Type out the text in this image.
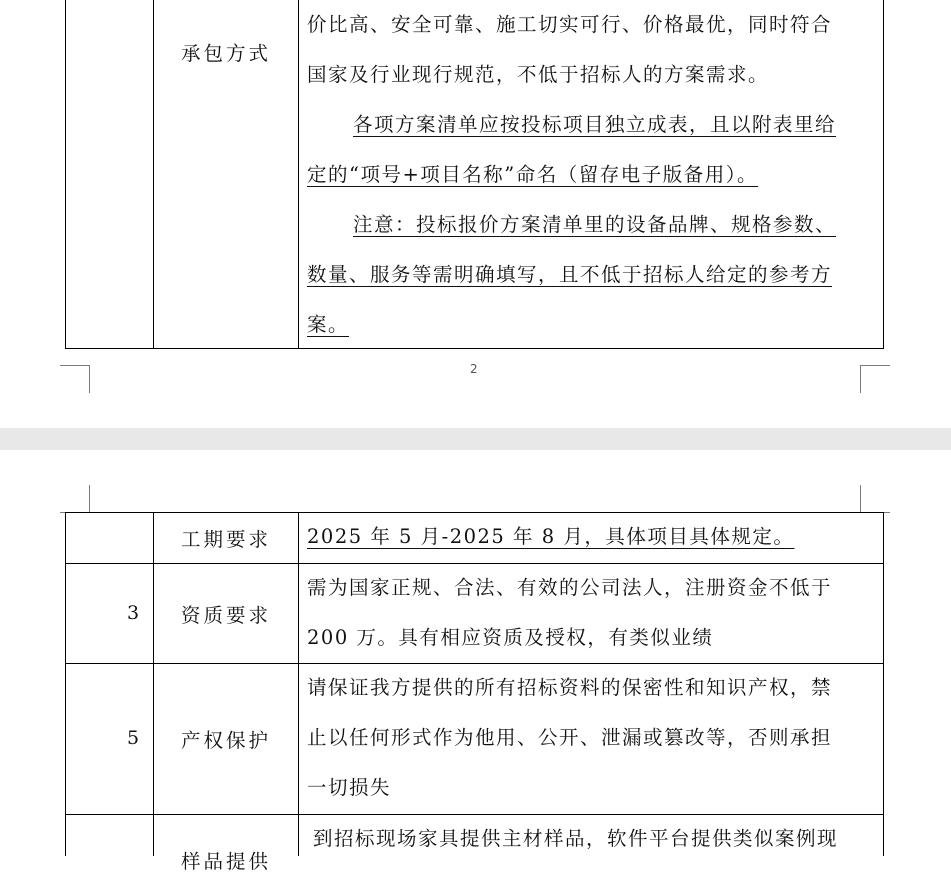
承包方式
价比高、安全可靠、施工切实可行、价格最优，同时符合
国家及行业现行规范，不低于招标人的方案需求。
各项方案清单应按投标项目独立成表，且以附表里给
定的“项号+项目名称”命名（留存电子版备用）。
注意：投标报价方案清单里的设备品牌、规格参数、
数量、服务等需明确填写，且不低于招标人给定的参考方
案。
2
工期要求 2025 年 5 月-2025 年 8 月，具体项目具体规定。
3 资质要求
需为国家正规、合法、有效的公司法人，注册资金不低于
200 万。具有相应资质及授权，有类似业绩
5 产权保护
请保证我方提供的所有招标资料的保密性和知识产权，禁
止以任何形式作为他用、公开、泄漏或篡改等，否则承担
一切损失
样品提供
到招标现场家具提供主材样品，软件平台提供类似案例现
